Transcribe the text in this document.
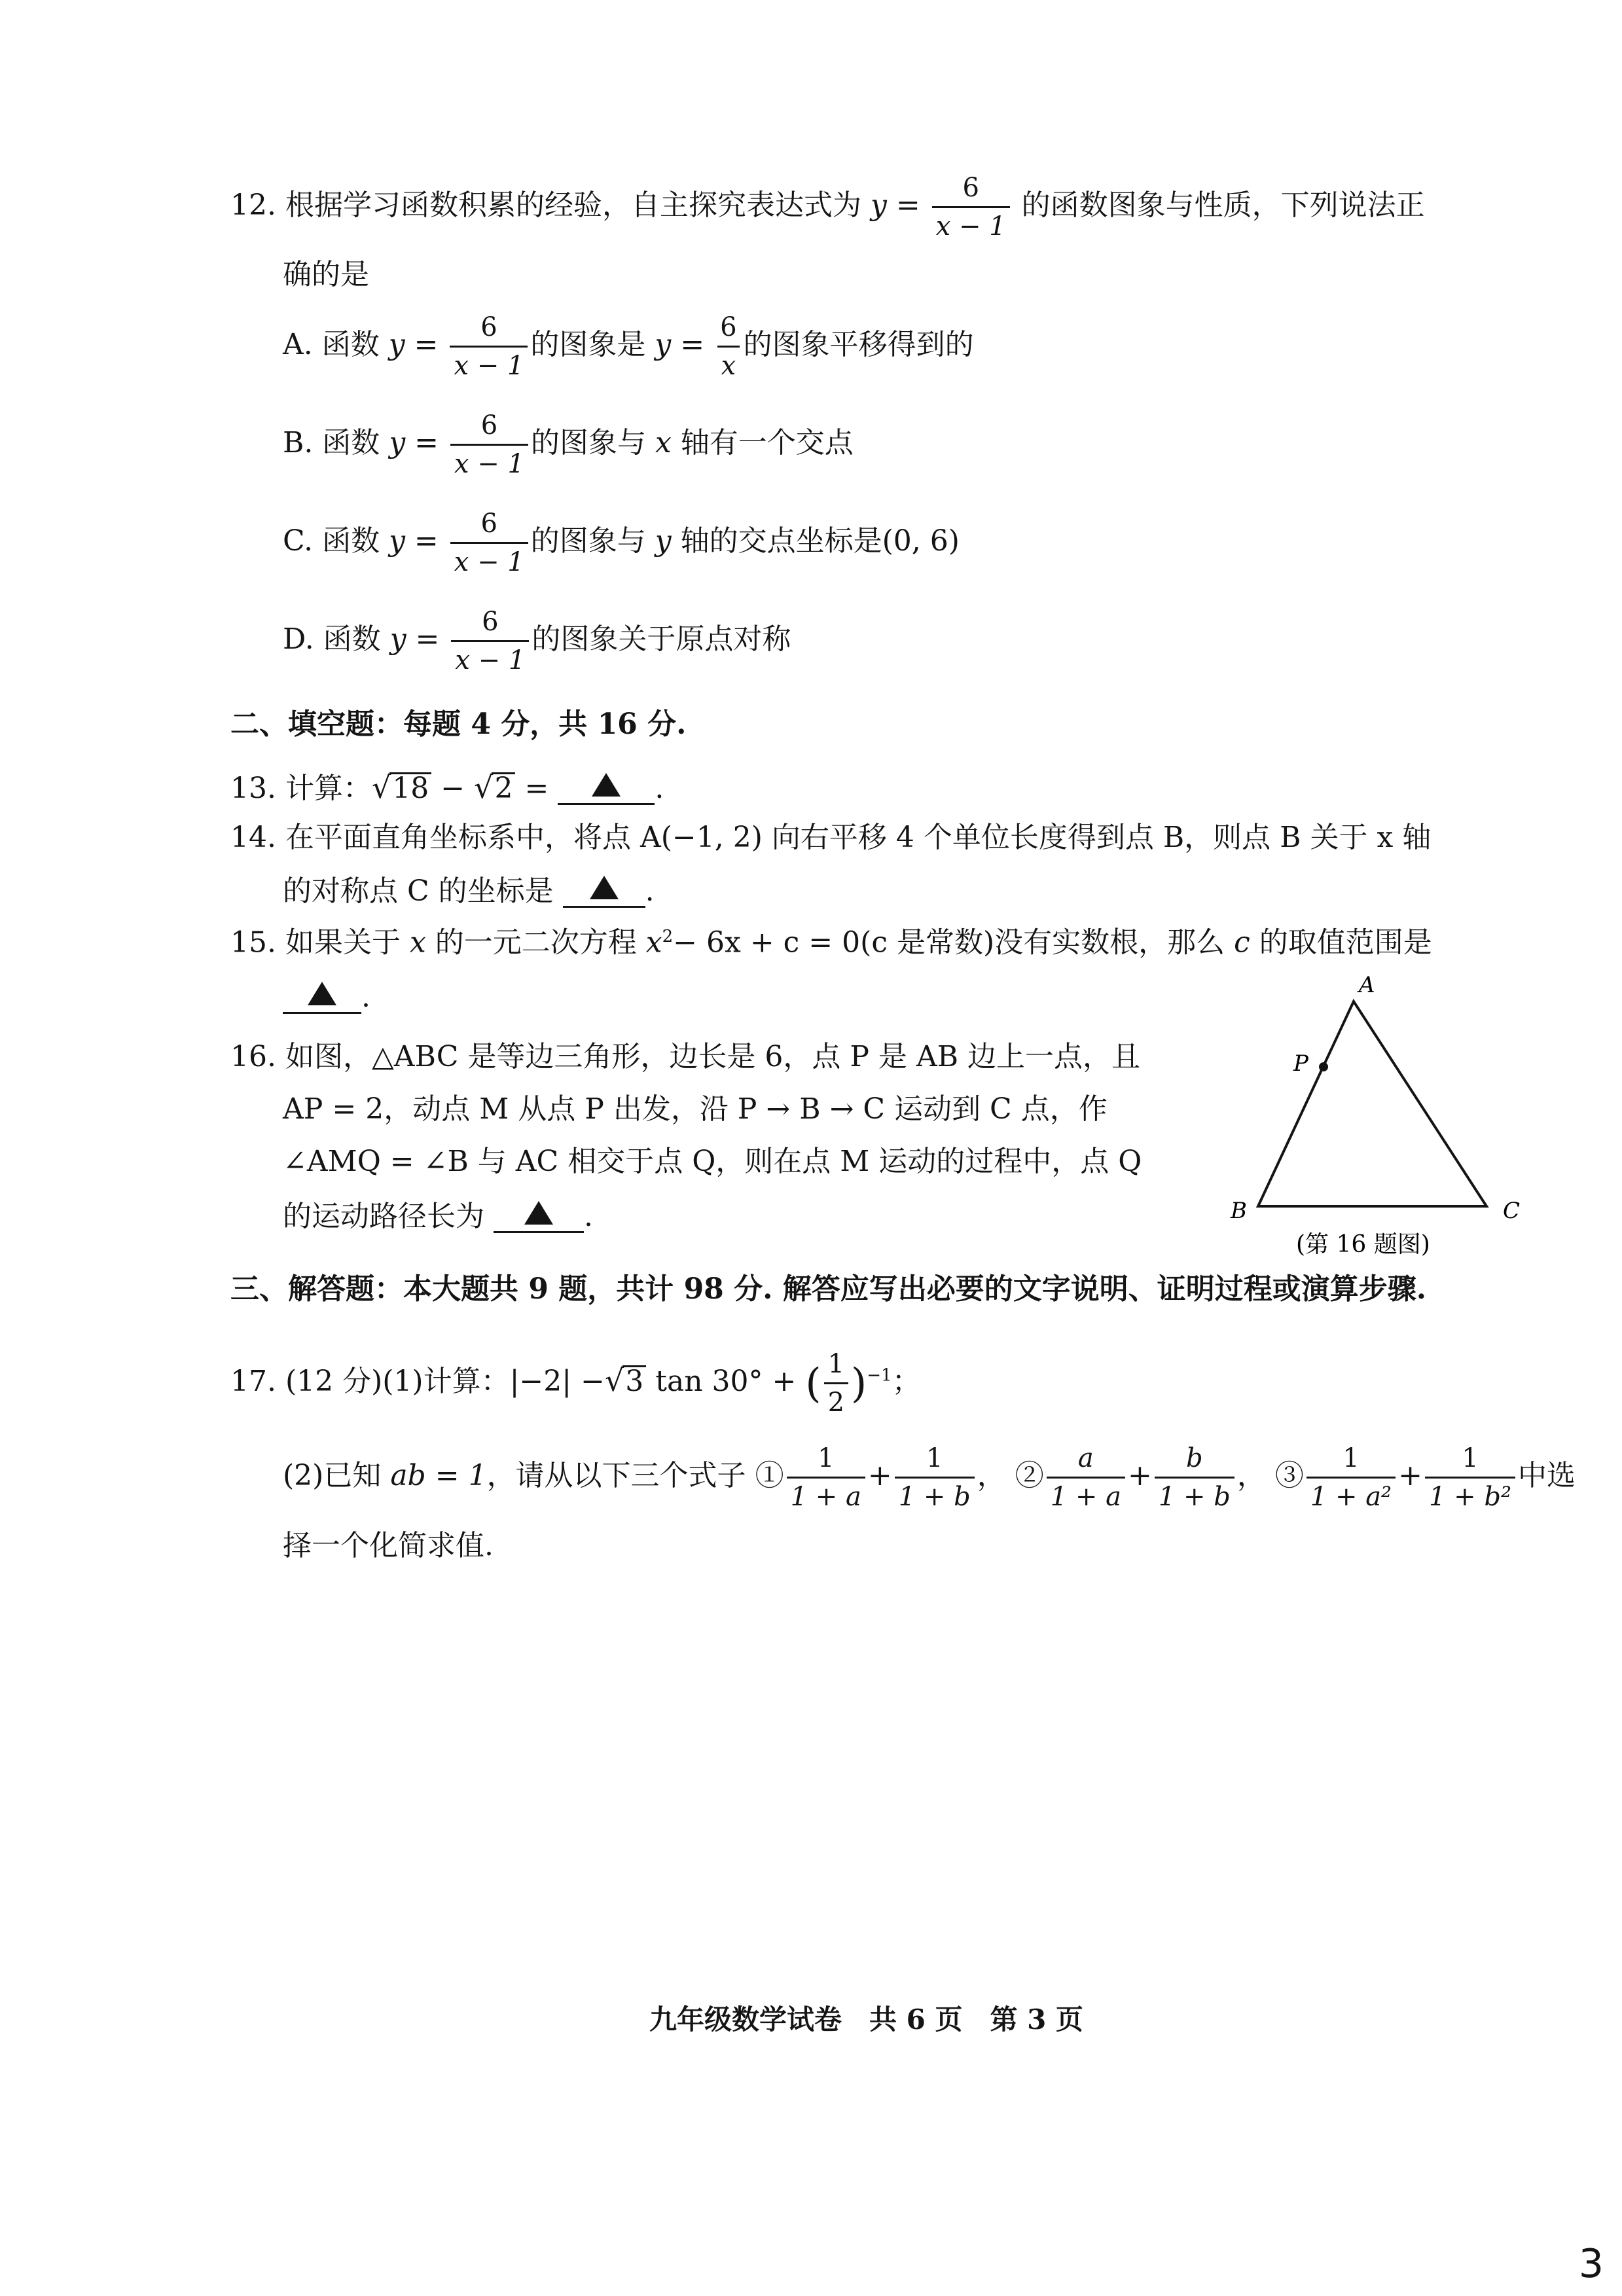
12. 根据学习函数积累的经验，自主探究表达式为 $y = \frac{6}{x - 1}$ 的函数图象与性质，下列说法正
确的是
A. 函数 $y = \frac{6}{x - 1}$ 的图象是 $y = \frac{6}{x}$ 的图象平移得到的
B. 函数 $y = \frac{6}{x - 1}$ 的图象与 x 轴有一个交点
C. 函数 $y = \frac{6}{x - 1}$ 的图象与 y 轴的交点坐标是(0, 6)
D. 函数 $y = \frac{6}{x - 1}$ 的图象关于原点对称
二、填空题：每题 4 分，共 16 分.
13. 计算： √ 18 − √ 2 =	.
14. 在平面直角坐标系中，将点 A(−1, 2) 向右平移 4 个单位长度得到点 B，则点 B 关于 x 轴
的对称点 C 的坐标是	.
15. 如果关于 x 的一元二次方程 $x^2- 6x + c = 0(c$ 是常数)没有实数根，那么 c 的取值范围是
.
16. 如图，△ABC 是等边三角形，边长是 6，点 P 是 AB 边上一点，且
AP = 2，动点 M 从点 P 出发，沿 P → B → C 运动到 C 点，作
∠AMQ = ∠B 与 AC 相交于点 Q，则在点 M 运动的过程中，点 Q
的运动路径长为	.
A
P
B	C
(第 16 题图)
三、解答题：本大题共 9 题，共计 98 分. 解答应写出必要的文字说明、证明过程或演算步骤.
17. (12 分)(1)计算：|−2| − √ 3 tan 30° + ( $\frac{1}{2} )^{-1}$；
(2)已知 ab = 1，请从以下三个式子 ① $\frac{1}{1 + a} + \frac{1}{1 + b}$ ， ② $\frac{a}{1 + a} + \frac{b}{1 + b}$ ， ③ $\frac{1}{\text{1 + a²}} + \frac{1}{\text{1 + b²}}$ 中选
择一个化简求值.
九年级数学试卷　共 6 页　第 3 页
3
